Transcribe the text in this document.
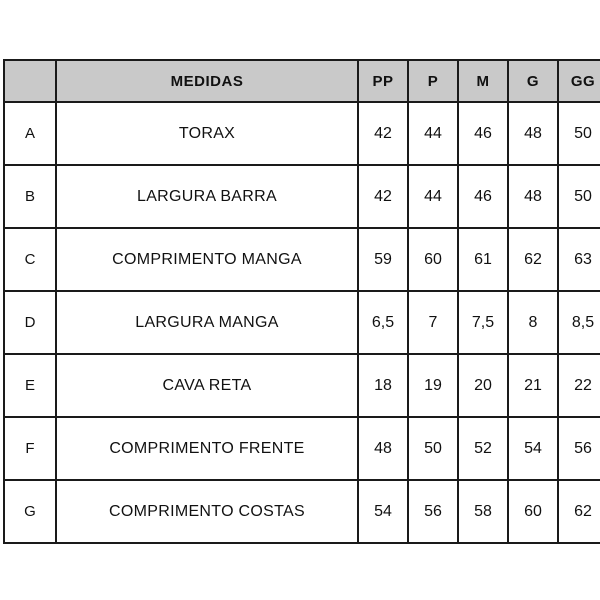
	MEDIDAS	PP	P	M	G	GG
A	TORAX	42	44	46	48	50
B	LARGURA BARRA	42	44	46	48	50
C	COMPRIMENTO MANGA	59	60	61	62	63
D	LARGURA MANGA	6,5	7	7,5	8	8,5
E	CAVA RETA	18	19	20	21	22
F	COMPRIMENTO FRENTE	48	50	52	54	56
G	COMPRIMENTO COSTAS	54	56	58	60	62
